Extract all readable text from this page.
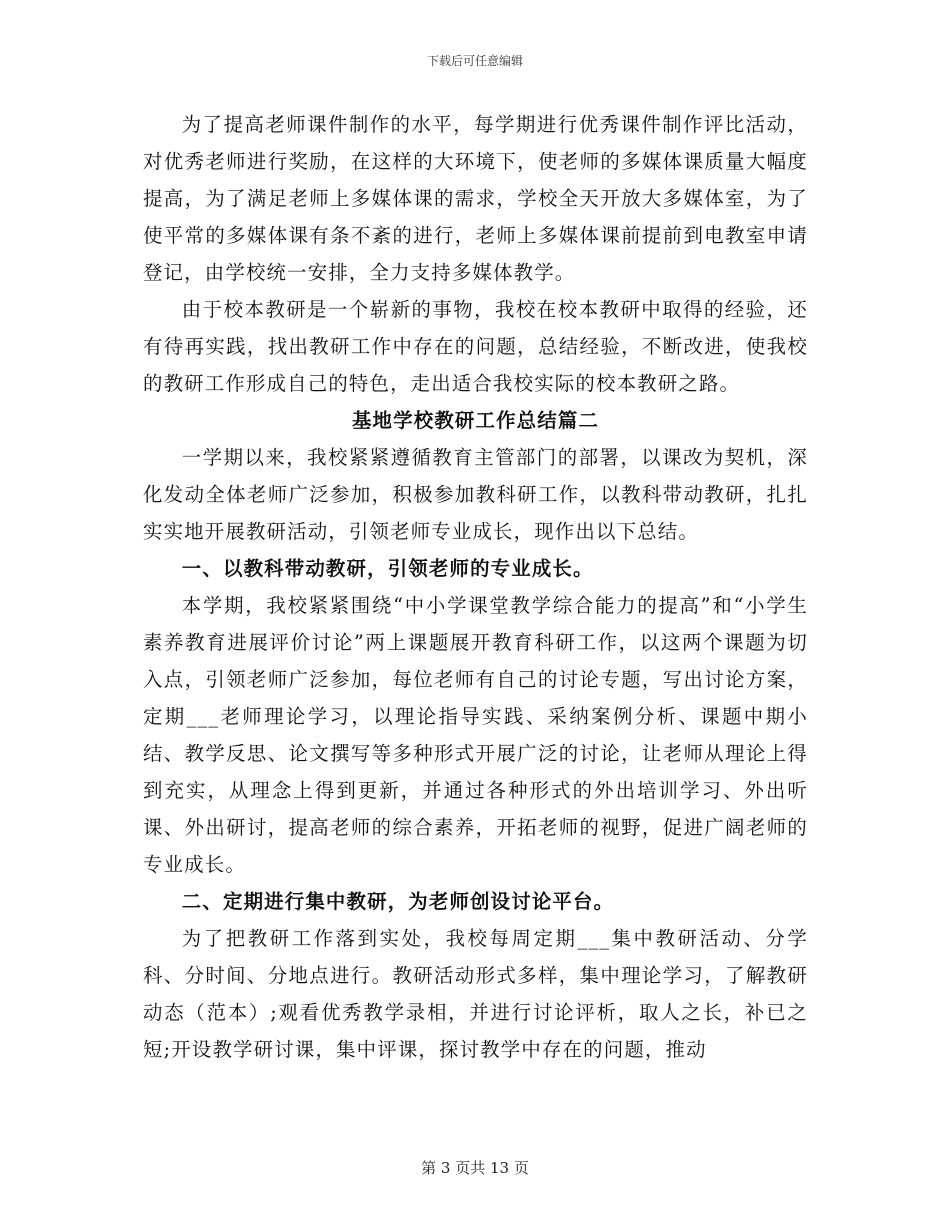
下载后可任意编辑

为了提高老师课件制作的水平，每学期进行优秀课件制作评比活动，对优秀老师进行奖励，在这样的大环境下，使老师的多媒体课质量大幅度提高，为了满足老师上多媒体课的需求，学校全天开放大多媒体室，为了使平常的多媒体课有条不紊的进行，老师上多媒体课前提前到电教室申请登记，由学校统一安排，全力支持多媒体教学。

由于校本教研是一个崭新的事物，我校在校本教研中取得的经验，还有待再实践，找出教研工作中存在的问题，总结经验，不断改进，使我校的教研工作形成自己的特色，走出适合我校实际的校本教研之路。

基地学校教研工作总结篇二

一学期以来，我校紧紧遵循教育主管部门的部署，以课改为契机，深化发动全体老师广泛参加，积极参加教科研工作，以教科带动教研，扎扎实实地开展教研活动，引领老师专业成长，现作出以下总结。

一、以教科带动教研，引领老师的专业成长。

本学期，我校紧紧围绕“中小学课堂教学综合能力的提高”和“小学生素养教育进展评价讨论”两上课题展开教育科研工作，以这两个课题为切入点，引领老师广泛参加，每位老师有自己的讨论专题，写出讨论方案，定期___老师理论学习，以理论指导实践、采纳案例分析、课题中期小结、教学反思、论文撰写等多种形式开展广泛的讨论，让老师从理论上得到充实，从理念上得到更新，并通过各种形式的外出培训学习、外出听课、外出研讨，提高老师的综合素养，开拓老师的视野，促进广阔老师的专业成长。

二、定期进行集中教研，为老师创设讨论平台。

为了把教研工作落到实处，我校每周定期___集中教研活动、分学科、分时间、分地点进行。教研活动形式多样，集中理论学习，了解教研动态（范本）;观看优秀教学录相，并进行讨论评析，取人之长，补已之短;开设教学研讨课，集中评课，探讨教学中存在的问题，推动

第 3 页共 13 页
